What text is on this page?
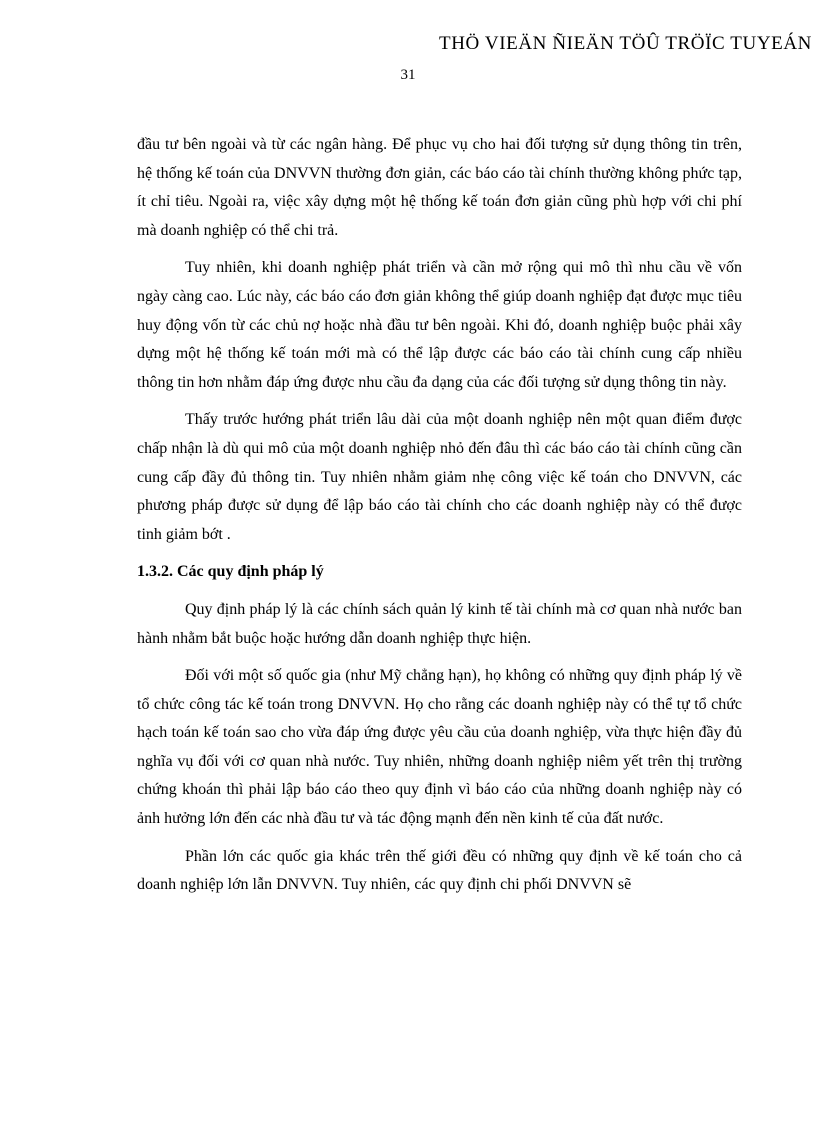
THÖ VIEÄN ÑIEÄN TÖÛ TRÖÏC TUYEÁN
31

đầu tư bên ngoài và từ các ngân hàng. Để phục vụ cho hai đối tượng sử dụng thông tin trên, hệ thống kế toán của DNVVN thường đơn giản, các báo cáo tài chính thường không phức tạp, ít chỉ tiêu. Ngoài ra, việc xây dựng một hệ thống kế toán đơn giản cũng phù hợp với chi phí mà doanh nghiệp có thể chi trả.

Tuy nhiên, khi doanh nghiệp phát triển và cần mở rộng qui mô thì nhu cầu về vốn ngày càng cao. Lúc này, các báo cáo đơn giản không thể giúp doanh nghiệp đạt được mục tiêu huy động vốn từ các chủ nợ hoặc nhà đầu tư bên ngoài. Khi đó, doanh nghiệp buộc phải xây dựng một hệ thống kế toán mới mà có thể lập được các báo cáo tài chính cung cấp nhiều thông tin hơn nhằm đáp ứng được nhu cầu đa dạng của các đối tượng sử dụng thông tin này.

Thấy trước hướng phát triển lâu dài của một doanh nghiệp nên một quan điểm được chấp nhận là dù qui mô của một doanh nghiệp nhỏ đến đâu thì các báo cáo tài chính cũng cần cung cấp đầy đủ thông tin. Tuy nhiên nhằm giảm nhẹ công việc kế toán cho DNVVN, các phương pháp được sử dụng để lập báo cáo tài chính cho các doanh nghiệp này có thể được tinh giảm bớt .

1.3.2. Các quy định pháp lý

Quy định pháp lý là các chính sách quản lý kinh tế tài chính mà cơ quan nhà nước ban hành nhằm bắt buộc hoặc hướng dẫn doanh nghiệp thực hiện.

Đối với một số quốc gia (như Mỹ chẳng hạn), họ không có những quy định pháp lý về tổ chức công tác kế toán trong DNVVN. Họ cho rằng các doanh nghiệp này có thể tự tổ chức hạch toán kế toán sao cho vừa đáp ứng được yêu cầu của doanh nghiệp, vừa thực hiện đầy đủ nghĩa vụ đối với cơ quan nhà nước. Tuy nhiên, những doanh nghiệp niêm yết trên thị trường chứng khoán thì phải lập báo cáo theo quy định vì báo cáo của những doanh nghiệp này có ảnh hưởng lớn đến các nhà đầu tư và tác động mạnh đến nền kinh tế của đất nước.

Phần lớn các quốc gia khác trên thế giới đều có những quy định về kế toán cho cả doanh nghiệp lớn lẫn DNVVN. Tuy nhiên, các quy định chi phối DNVVN sẽ
